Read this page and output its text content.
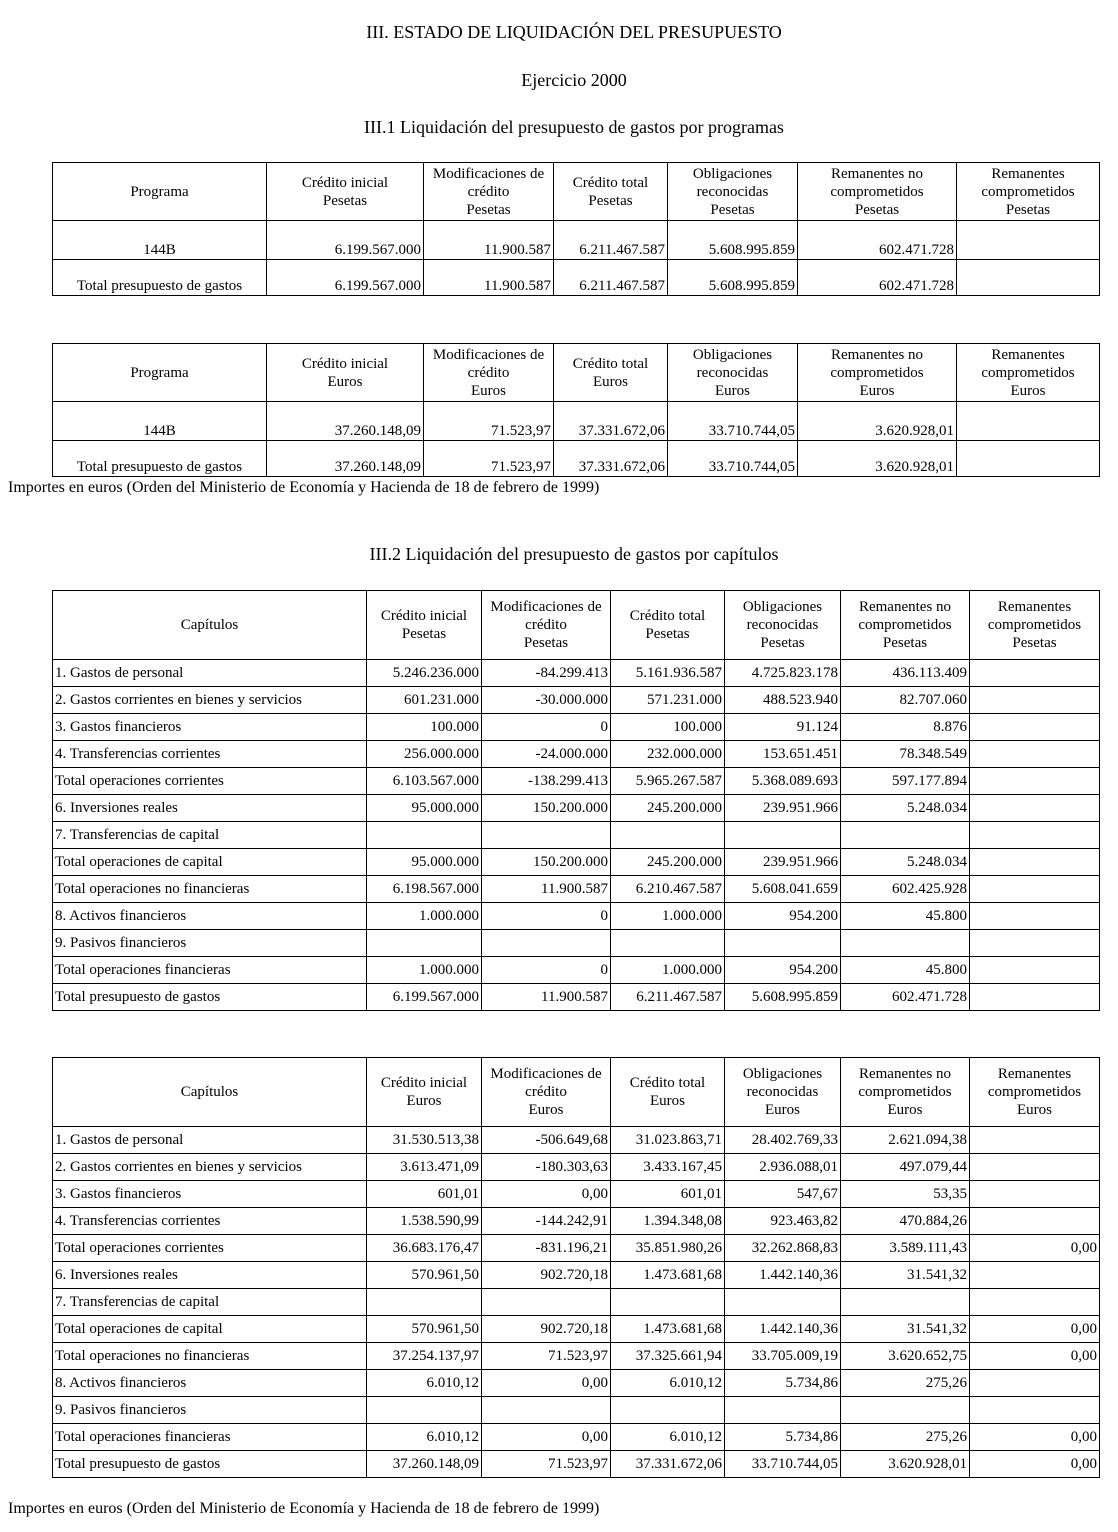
III. ESTADO DE LIQUIDACIÓN DEL PRESUPUESTO
Ejercicio 2000
III.1 Liquidación del presupuesto de gastos por programas
Programa	Crédito inicial
Pesetas	Modificaciones de
crédito
Pesetas	Crédito total
Pesetas	Obligaciones
reconocidas
Pesetas	Remanentes no
comprometidos
Pesetas	Remanentes
comprometidos
Pesetas

144B	6.199.567.000	11.900.587	6.211.467.587	5.608.995.859	602.471.728	
Total presupuesto de gastos	6.199.567.000	11.900.587	6.211.467.587	5.608.995.859	602.471.728	
Programa	Crédito inicial
Euros	Modificaciones de
crédito
Euros	Crédito total
Euros	Obligaciones
reconocidas
Euros	Remanentes no
comprometidos
Euros	Remanentes
comprometidos
Euros

144B	37.260.148,09	71.523,97	37.331.672,06	33.710.744,05	3.620.928,01	
Total presupuesto de gastos	37.260.148,09	71.523,97	37.331.672,06	33.710.744,05	3.620.928,01	
Importes en euros (Orden del Ministerio de Economía y Hacienda de 18 de febrero de 1999)
III.2 Liquidación del presupuesto de gastos por capítulos
Capítulos	Crédito inicial
Pesetas	Modificaciones de
crédito
Pesetas	Crédito total
Pesetas	Obligaciones
reconocidas
Pesetas	Remanentes no
comprometidos
Pesetas	Remanentes
comprometidos
Pesetas

1. Gastos de personal	5.246.236.000	-84.299.413	5.161.936.587	4.725.823.178	436.113.409	
2. Gastos corrientes en bienes y servicios	601.231.000	-30.000.000	571.231.000	488.523.940	82.707.060	
3. Gastos financieros	100.000	0	100.000	91.124	8.876	
4. Transferencias corrientes	256.000.000	-24.000.000	232.000.000	153.651.451	78.348.549	
Total operaciones corrientes	6.103.567.000	-138.299.413	5.965.267.587	5.368.089.693	597.177.894	
6. Inversiones reales	95.000.000	150.200.000	245.200.000	239.951.966	5.248.034	
7. Transferencias de capital						
Total operaciones de capital	95.000.000	150.200.000	245.200.000	239.951.966	5.248.034	
Total operaciones no financieras	6.198.567.000	11.900.587	6.210.467.587	5.608.041.659	602.425.928	
8. Activos financieros	1.000.000	0	1.000.000	954.200	45.800	
9. Pasivos financieros						
Total operaciones financieras	1.000.000	0	1.000.000	954.200	45.800	
Total presupuesto de gastos	6.199.567.000	11.900.587	6.211.467.587	5.608.995.859	602.471.728	
Capítulos	Crédito inicial
Euros	Modificaciones de
crédito
Euros	Crédito total
Euros	Obligaciones
reconocidas
Euros	Remanentes no
comprometidos
Euros	Remanentes
comprometidos
Euros

1. Gastos de personal	31.530.513,38	-506.649,68	31.023.863,71	28.402.769,33	2.621.094,38	
2. Gastos corrientes en bienes y servicios	3.613.471,09	-180.303,63	3.433.167,45	2.936.088,01	497.079,44	
3. Gastos financieros	601,01	0,00	601,01	547,67	53,35	
4. Transferencias corrientes	1.538.590,99	-144.242,91	1.394.348,08	923.463,82	470.884,26	
Total operaciones corrientes	36.683.176,47	-831.196,21	35.851.980,26	32.262.868,83	3.589.111,43	0,00
6. Inversiones reales	570.961,50	902.720,18	1.473.681,68	1.442.140,36	31.541,32	
7. Transferencias de capital						
Total operaciones de capital	570.961,50	902.720,18	1.473.681,68	1.442.140,36	31.541,32	0,00
Total operaciones no financieras	37.254.137,97	71.523,97	37.325.661,94	33.705.009,19	3.620.652,75	0,00
8. Activos financieros	6.010,12	0,00	6.010,12	5.734,86	275,26	
9. Pasivos financieros						
Total operaciones financieras	6.010,12	0,00	6.010,12	5.734,86	275,26	0,00
Total presupuesto de gastos	37.260.148,09	71.523,97	37.331.672,06	33.710.744,05	3.620.928,01	0,00
Importes en euros (Orden del Ministerio de Economía y Hacienda de 18 de febrero de 1999)
